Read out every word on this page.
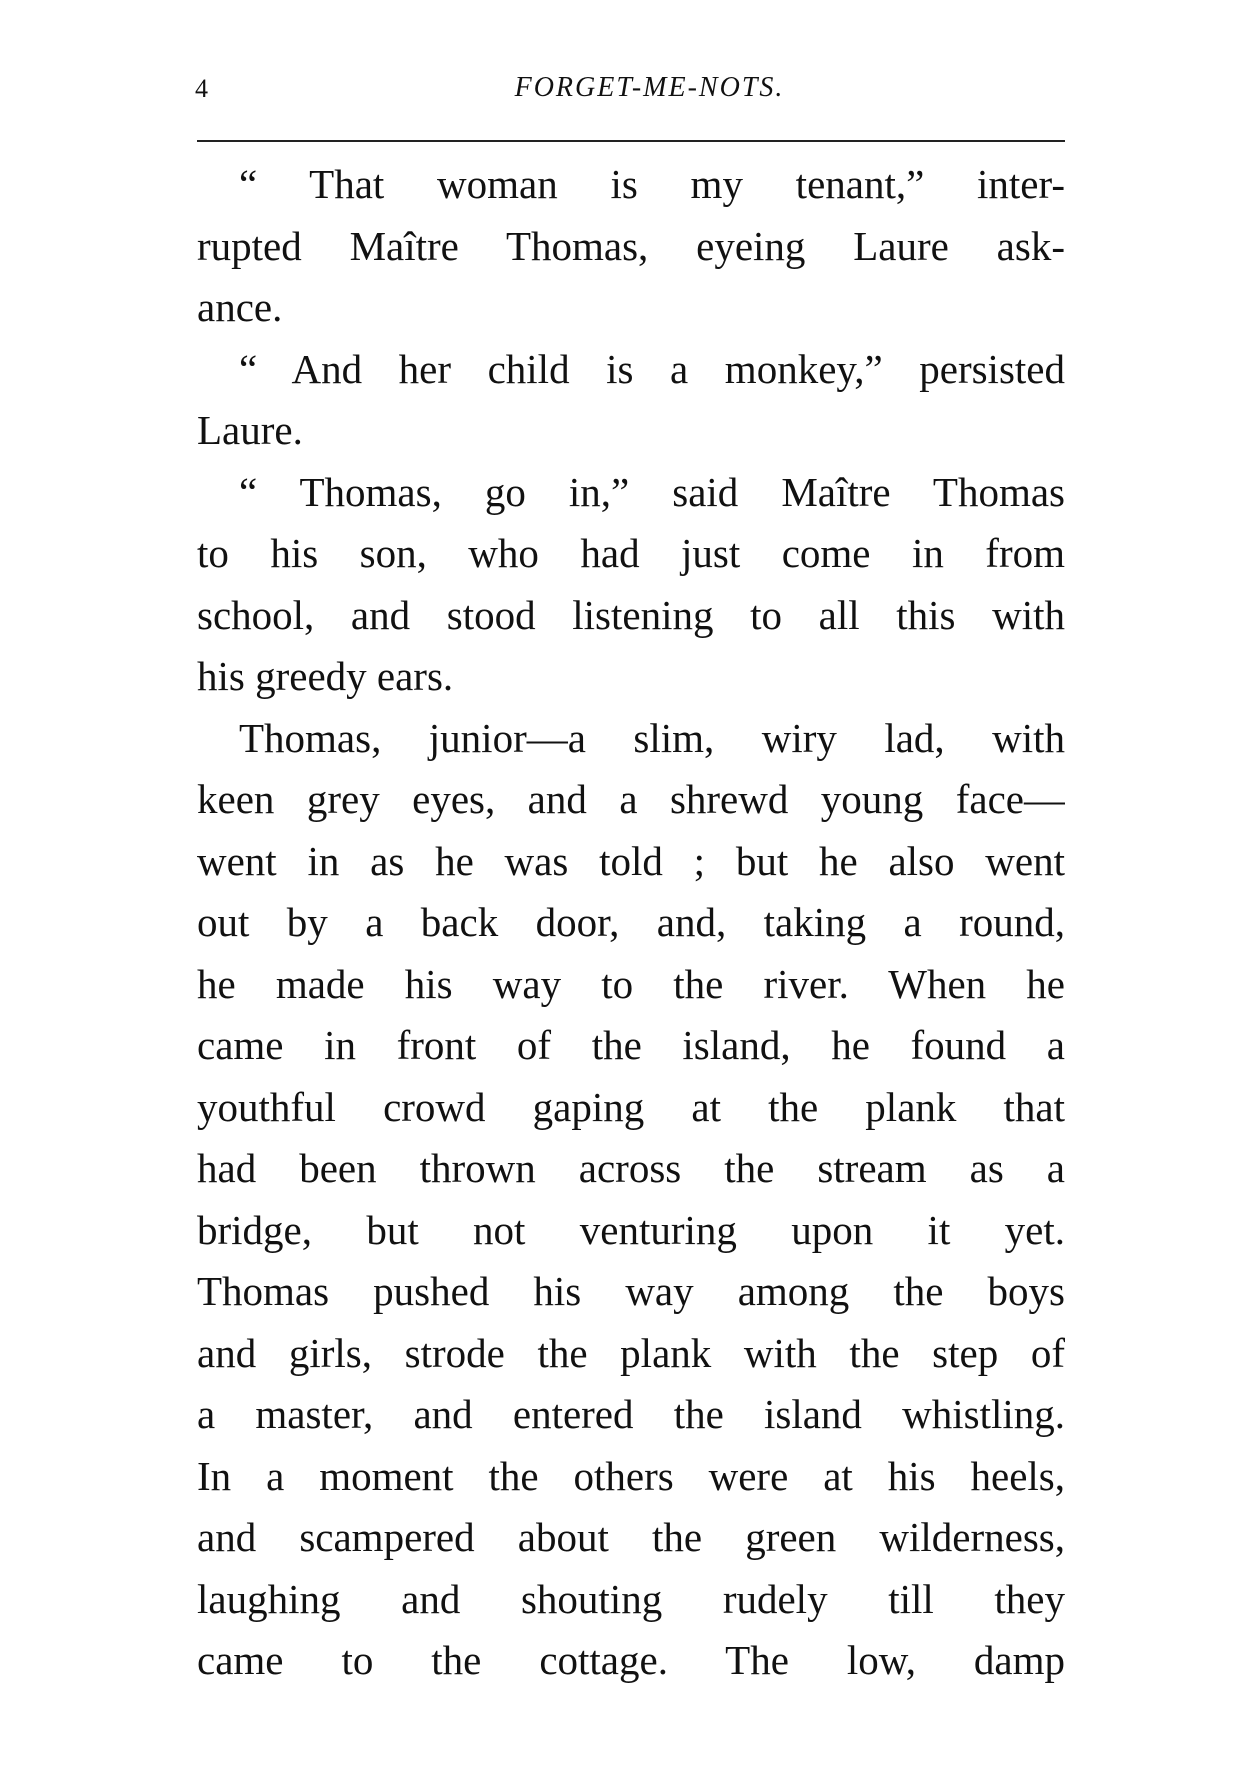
4	FORGET-ME-NOTS.
“ That woman is my tenant,” inter-
rupted Maître Thomas, eyeing Laure ask-
ance.
“ And her child is a monkey,” persisted
Laure.
“ Thomas, go in,” said Maître Thomas
to his son, who had just come in from
school, and stood listening to all this with
his greedy ears.
Thomas, junior—a slim, wiry lad, with
keen grey eyes, and a shrewd young face—
went in as he was told ; but he also went
out by a back door, and, taking a round,
he made his way to the river. When he
came in front of the island, he found a
youthful crowd gaping at the plank that
had been thrown across the stream as a
bridge, but not venturing upon it yet.
Thomas pushed his way among the boys
and girls, strode the plank with the step of
a master, and entered the island whistling.
In a moment the others were at his heels,
and scampered about the green wilderness,
laughing and shouting rudely till they
came to the cottage. The low, damp
